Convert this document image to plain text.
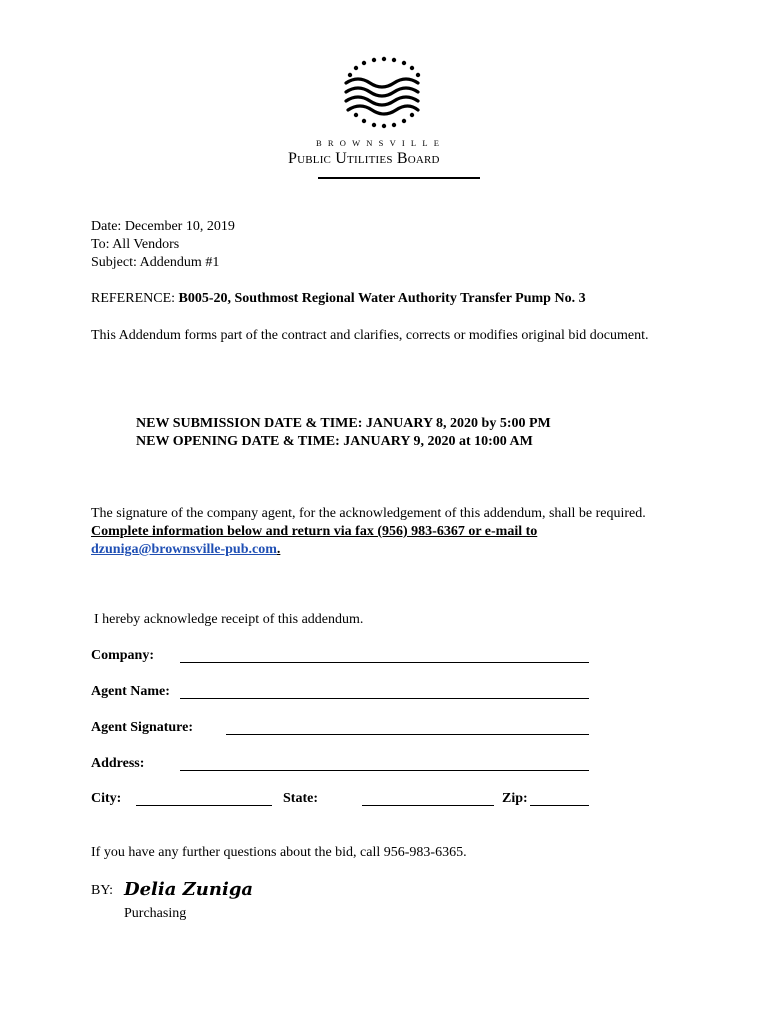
BROWNSVILLE
Public Utilities Board
Date: December 10, 2019
To: All Vendors
Subject: Addendum #1
REFERENCE: B005-20, Southmost Regional Water Authority Transfer Pump No. 3
This Addendum forms part of the contract and clarifies, corrects or modifies original bid document.
NEW SUBMISSION DATE & TIME: JANUARY 8, 2020 by 5:00 PM
NEW OPENING DATE & TIME: JANUARY 9, 2020 at 10:00 AM
The signature of the company agent, for the acknowledgement of this addendum, shall be required. Complete information below and return via fax (956) 983-6367 or e-mail to dzuniga@brownsville-pub.com.
I hereby acknowledge receipt of this addendum.
Company:
Agent Name:
Agent Signature:
Address:
City:	State:	Zip:
If you have any further questions about the bid, call 956-983-6365.
BY: Delia Zuniga
Purchasing
